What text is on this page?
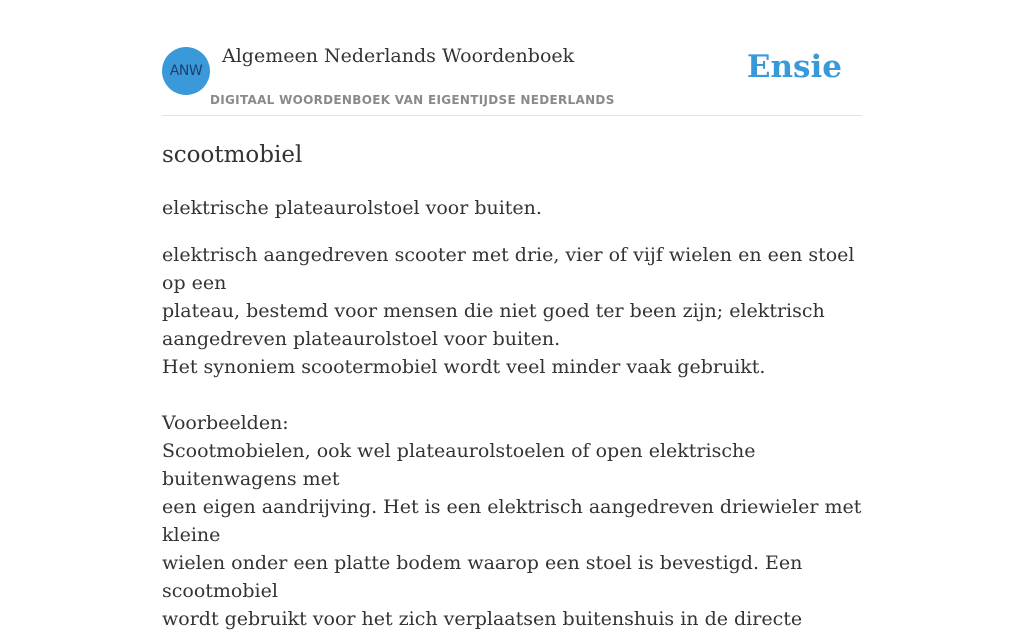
ANW
Algemeen Nederlands Woordenboek
DIGITAAL WOORDENBOEK VAN EIGENTIJDSE NEDERLANDS
Ensie
scootmobiel

elektrische plateaurolstoel voor buiten.

elektrisch aangedreven scooter met drie, vier of vijf wielen en een stoel op een
plateau, bestemd voor mensen die niet goed ter been zijn; elektrisch
aangedreven plateaurolstoel voor buiten.
Het synoniem scootermobiel wordt veel minder vaak gebruikt.
Voorbeelden:
Scootmobielen, ook wel plateaurolstoelen of open elektrische buitenwagens met
een eigen aandrijving. Het is een elektrisch aangedreven driewieler met kleine
wielen onder een platte bodem waarop een stoel is bevestigd. Een scootmobiel
wordt gebruikt voor het zich verplaatsen buitenshuis in de directe
